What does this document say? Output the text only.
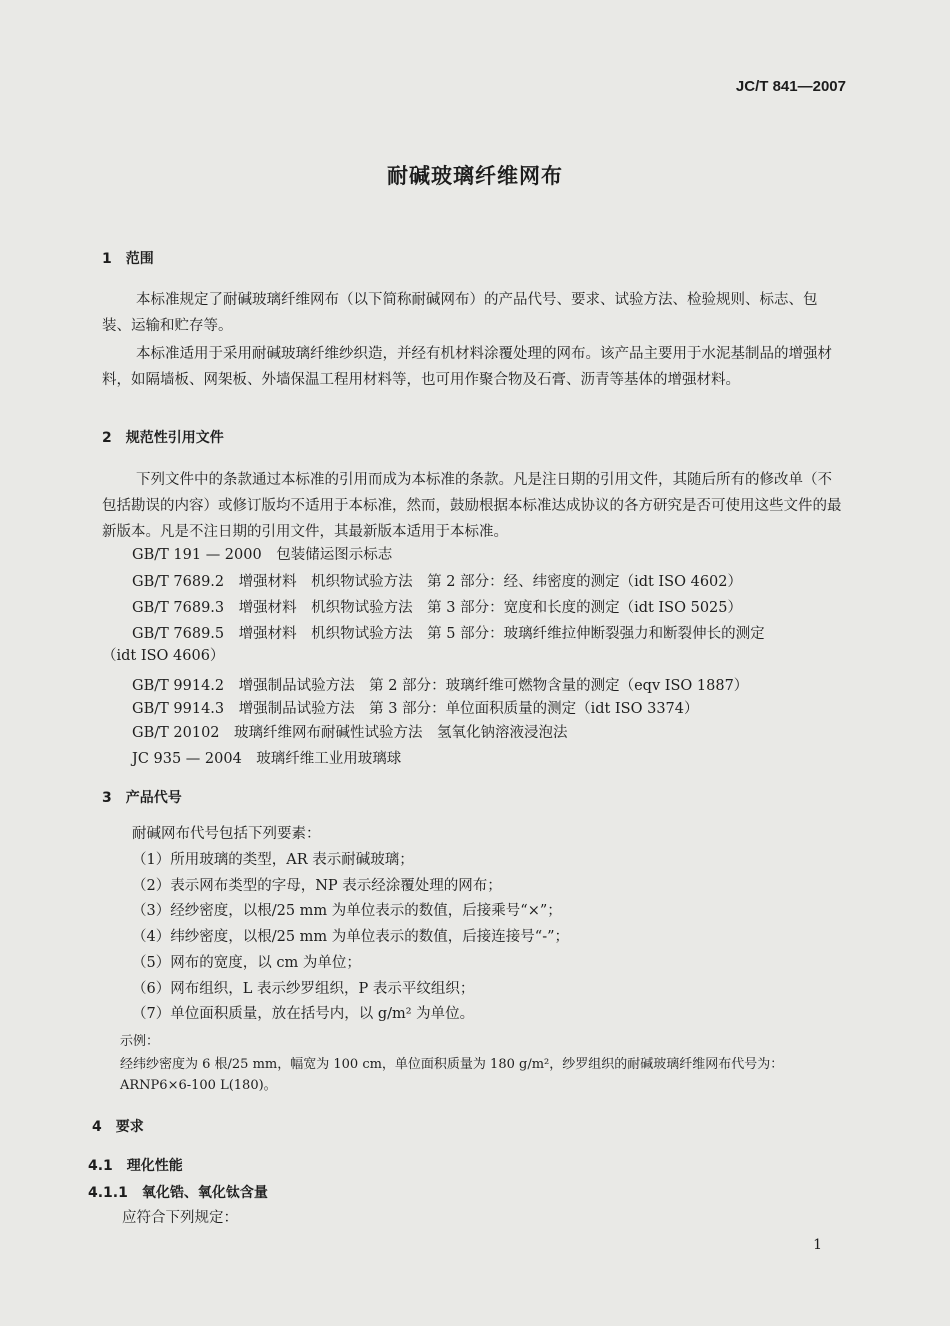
JC/T 841—2007
耐碱玻璃纤维网布
1　范围
本标准规定了耐碱玻璃纤维网布（以下简称耐碱网布）的产品代号、要求、试验方法、检验规则、标志、包装、运输和贮存等。
本标准适用于采用耐碱玻璃纤维纱织造，并经有机材料涂覆处理的网布。该产品主要用于水泥基制品的增强材料，如隔墙板、网架板、外墙保温工程用材料等，也可用作聚合物及石膏、沥青等基体的增强材料。
2　规范性引用文件
下列文件中的条款通过本标准的引用而成为本标准的条款。凡是注日期的引用文件，其随后所有的修改单（不包括勘误的内容）或修订版均不适用于本标准，然而，鼓励根据本标准达成协议的各方研究是否可使用这些文件的最新版本。凡是不注日期的引用文件，其最新版本适用于本标准。
GB/T 191 — 2000　包装储运图示标志
GB/T 7689.2　增强材料　机织物试验方法　第 2 部分：经、纬密度的测定（idt ISO 4602）
GB/T 7689.3　增强材料　机织物试验方法　第 3 部分：宽度和长度的测定（idt ISO 5025）
GB/T 7689.5　增强材料　机织物试验方法　第 5 部分：玻璃纤维拉伸断裂强力和断裂伸长的测定
（idt ISO 4606）
GB/T 9914.2　增强制品试验方法　第 2 部分：玻璃纤维可燃物含量的测定（eqv ISO 1887）
GB/T 9914.3　增强制品试验方法　第 3 部分：单位面积质量的测定（idt ISO 3374）
GB/T 20102　玻璃纤维网布耐碱性试验方法　氢氧化钠溶液浸泡法
JC 935 — 2004　玻璃纤维工业用玻璃球
3　产品代号
耐碱网布代号包括下列要素：
（1）所用玻璃的类型，AR 表示耐碱玻璃；
（2）表示网布类型的字母，NP 表示经涂覆处理的网布；
（3）经纱密度，以根/25 mm 为单位表示的数值，后接乘号“×”；
（4）纬纱密度，以根/25 mm 为单位表示的数值，后接连接号“-”；
（5）网布的宽度，以 cm 为单位；
（6）网布组织，L 表示纱罗组织，P 表示平纹组织；
（7）单位面积质量，放在括号内，以 g/m² 为单位。
示例：
经纬纱密度为 6 根/25 mm，幅宽为 100 cm，单位面积质量为 180 g/m²，纱罗组织的耐碱玻璃纤维网布代号为：ARNP6×6-100 L(180)。
4　要求
4.1　理化性能
4.1.1　氧化锆、氧化钛含量
应符合下列规定：
1
